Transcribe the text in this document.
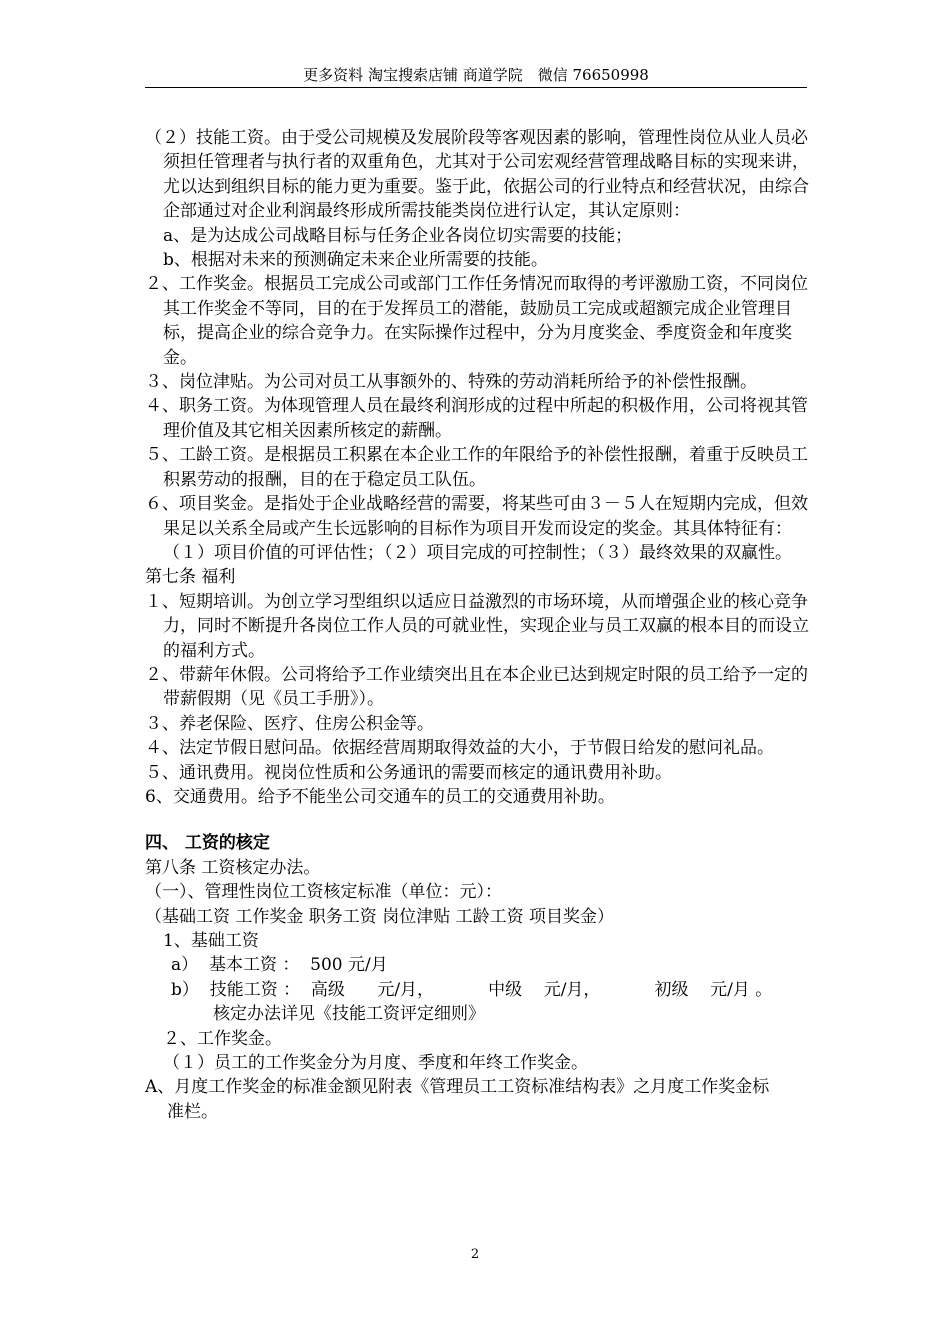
更多资料 淘宝搜索店铺 商道学院　微信 76650998

（２）技能工资。由于受公司规模及发展阶段等客观因素的影响，管理性岗位从业人员必须担任管理者与执行者的双重角色，尤其对于公司宏观经营管理战略目标的实现来讲，尤以达到组织目标的能力更为重要。鉴于此，依据公司的行业特点和经营状况，由综合企部通过对企业利润最终形成所需技能类岗位进行认定，其认定原则：

a、是为达成公司战略目标与任务企业各岗位切实需要的技能；

b、根据对未来的预测确定未来企业所需要的技能。

２、工作奖金。根据员工完成公司或部门工作任务情况而取得的考评激励工资，不同岗位其工作奖金不等同，目的在于发挥员工的潜能，鼓励员工完成或超额完成企业管理目标，提高企业的综合竞争力。在实际操作过程中，分为月度奖金、季度资金和年度奖金。

３、岗位津贴。为公司对员工从事额外的、特殊的劳动消耗所给予的补偿性报酬。

４、职务工资。为体现管理人员在最终利润形成的过程中所起的积极作用，公司将视其管理价值及其它相关因素所核定的薪酬。

５、工龄工资。是根据员工积累在本企业工作的年限给予的补偿性报酬，着重于反映员工积累劳动的报酬，目的在于稳定员工队伍。

６、项目奖金。是指处于企业战略经营的需要，将某些可由３－５人在短期内完成，但效果足以关系全局或产生长远影响的目标作为项目开发而设定的奖金。其具体特征有：（１）项目价值的可评估性；（２）项目完成的可控制性；（３）最终效果的双赢性。

第七条 福利

１、短期培训。为创立学习型组织以适应日益激烈的市场环境，从而增强企业的核心竞争力，同时不断提升各岗位工作人员的可就业性，实现企业与员工双赢的根本目的而设立的福利方式。

２、带薪年休假。公司将给予工作业绩突出且在本企业已达到规定时限的员工给予一定的带薪假期（见《员工手册》）。

３、养老保险、医疗、住房公积金等。

４、法定节假日慰问品。依据经营周期取得效益的大小，于节假日给发的慰问礼品。

５、通讯费用。视岗位性质和公务通讯的需要而核定的通讯费用补助。

6、交通费用。给予不能坐公司交通车的员工的交通费用补助。

四、 工资的核定

第八条 工资核定办法。

（一）、管理性岗位工资核定标准（单位：元）：

（基础工资 工作奖金 职务工资 岗位津贴 工龄工资 项目奖金）

1、基础工资

a）  基本工资 ：  500 元/月

b）  技能工资 ：  高级      元/月，          中级    元/月，          初级    元/月 。

核定办法详见《技能工资评定细则》

２、工作奖金。

（１）员工的工作奖金分为月度、季度和年终工作奖金。

A、月度工作奖金的标准金额见附表《管理员工工资标准结构表》之月度工作奖金标准栏。

2
